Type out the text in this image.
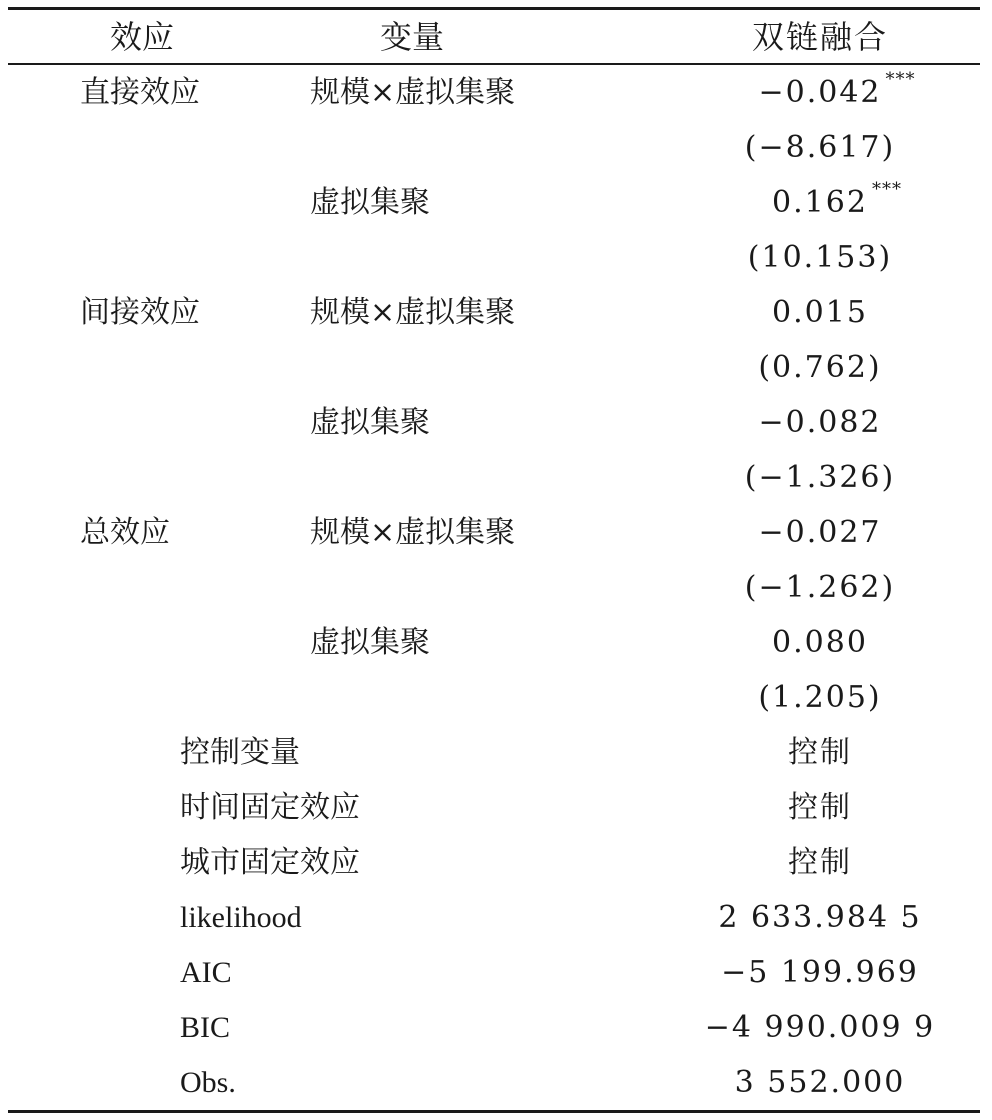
效应	变量	双链融合
直接效应	规模×虚拟集聚	−0.042 ***
(−8.617)
虚拟集聚	0.162 ***
(10.153)
间接效应	规模×虚拟集聚	0.015
(0.762)
虚拟集聚	−0.082
(−1.326)
总效应	规模×虚拟集聚	−0.027
(−1.262)
虚拟集聚	0.080
(1.205)
控制变量	控制
时间固定效应	控制
城市固定效应	控制
likelihood	2 633.984 5
AIC	−5 199.969
BIC	−4 990.009 9
Obs.	3 552.000
